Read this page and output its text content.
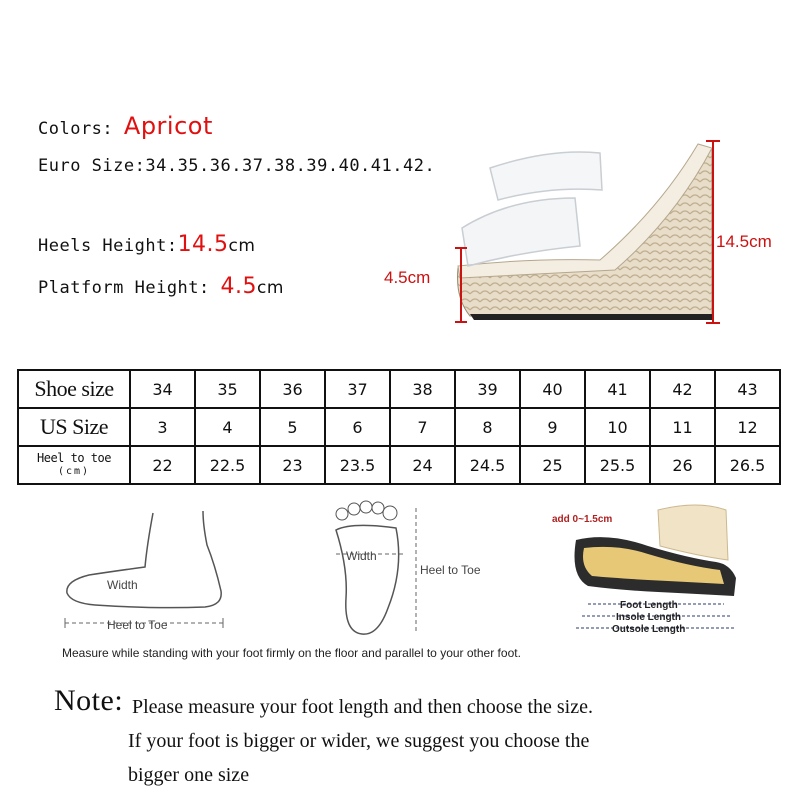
Colors: Apricot
Euro Size:34.35.36.37.38.39.40.41.42.
Heels Height:14.5cm
Platform Height: 4.5cm
4.5cm
14.5cm
Shoe size	34	35	36	37	38	39	40	41	42	43
US Size	3	4	5	6	7	8	9	10	11	12
Heel to toe
(cm)	22	22.5	23	23.5	24	24.5	25	25.5	26	26.5
Width
Heel to Toe
Width
Heel to Toe
add 0~1.5cm
Foot Length
Insole Length
Outsole Length
Measure while standing with your foot firmly on the floor and parallel to your other foot.
Note: Please measure your foot length and then choose the size.
If your foot is bigger or wider, we suggest you choose the
bigger one size
